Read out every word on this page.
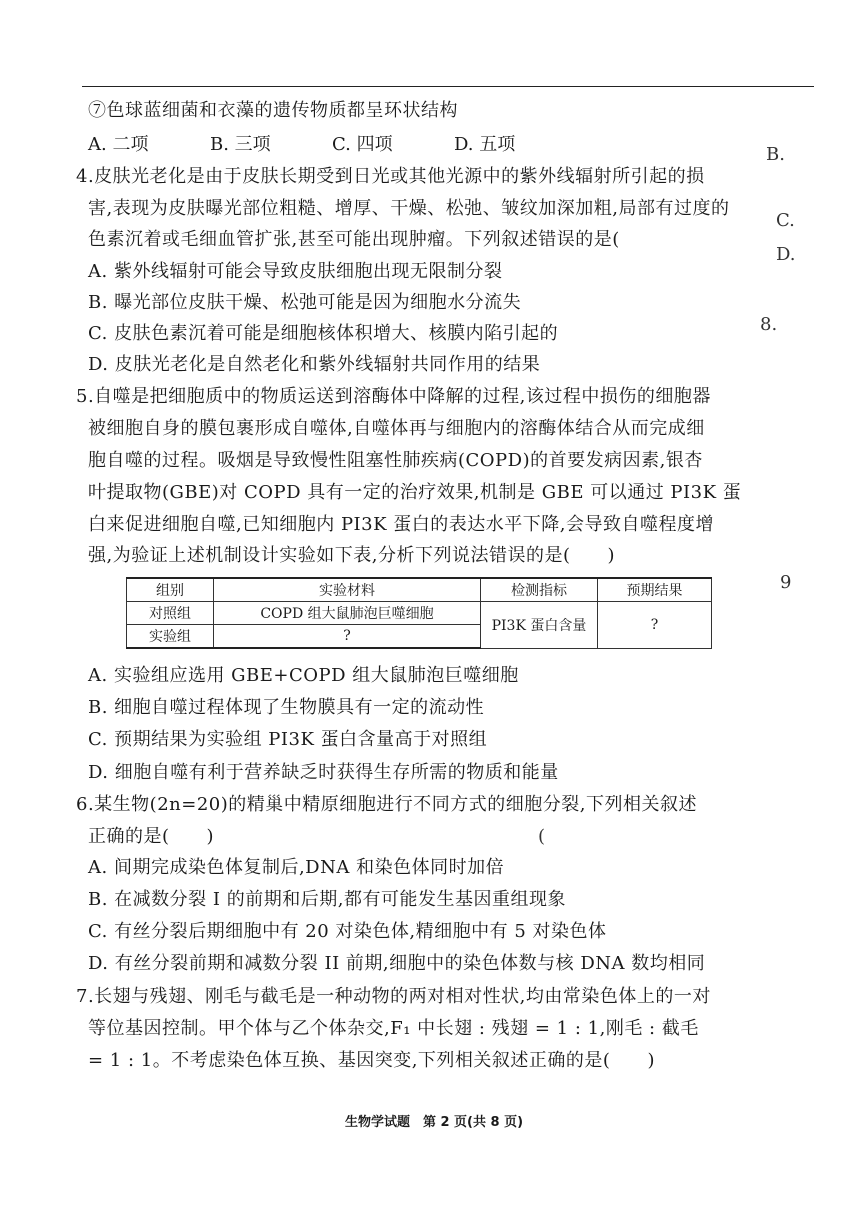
⑦色球蓝细菌和衣藻的遗传物质都呈环状结构
A. 二项	B. 三项	C. 四项	D. 五项
4.皮肤光老化是由于皮肤长期受到日光或其他光源中的紫外线辐射所引起的损
害,表现为皮肤曝光部位粗糙、增厚、干燥、松弛、皱纹加深加粗,局部有过度的
色素沉着或毛细血管扩张,甚至可能出现肿瘤。下列叙述错误的是(
A. 紫外线辐射可能会导致皮肤细胞出现无限制分裂
B. 曝光部位皮肤干燥、松弛可能是因为细胞水分流失
C. 皮肤色素沉着可能是细胞核体积增大、核膜内陷引起的
D. 皮肤光老化是自然老化和紫外线辐射共同作用的结果
5.自噬是把细胞质中的物质运送到溶酶体中降解的过程,该过程中损伤的细胞器
被细胞自身的膜包裹形成自噬体,自噬体再与细胞内的溶酶体结合从而完成细
胞自噬的过程。吸烟是导致慢性阻塞性肺疾病(COPD)的首要发病因素,银杏
叶提取物(GBE)对 COPD 具有一定的治疗效果,机制是 GBE 可以通过 PI3K 蛋
白来促进细胞自噬,已知细胞内 PI3K 蛋白的表达水平下降,会导致自噬程度增
强,为验证上述机制设计实验如下表,分析下列说法错误的是(　　)
组别	实验材料	检测指标	预期结果
对照组	COPD 组大鼠肺泡巨噬细胞	PI3K 蛋白含量	?
实验组	?		
A. 实验组应选用 GBE+COPD 组大鼠肺泡巨噬细胞
B. 细胞自噬过程体现了生物膜具有一定的流动性
C. 预期结果为实验组 PI3K 蛋白含量高于对照组
D. 细胞自噬有利于营养缺乏时获得生存所需的物质和能量
6.某生物(2n=20)的精巢中精原细胞进行不同方式的细胞分裂,下列相关叙述
正确的是(　　)	(
A. 间期完成染色体复制后,DNA 和染色体同时加倍
B. 在减数分裂 I 的前期和后期,都有可能发生基因重组现象
C. 有丝分裂后期细胞中有 20 对染色体,精细胞中有 5 对染色体
D. 有丝分裂前期和减数分裂 II 前期,细胞中的染色体数与核 DNA 数均相同
7.长翅与残翅、刚毛与截毛是一种动物的两对相对性状,均由常染色体上的一对
等位基因控制。甲个体与乙个体杂交,F₁ 中长翅 : 残翅 = 1 : 1,刚毛 : 截毛
= 1 : 1。不考虑染色体互换、基因突变,下列相关叙述正确的是(　　)
B.
C.
D.
8.
9
生物学试题　第 2 页(共 8 页)
